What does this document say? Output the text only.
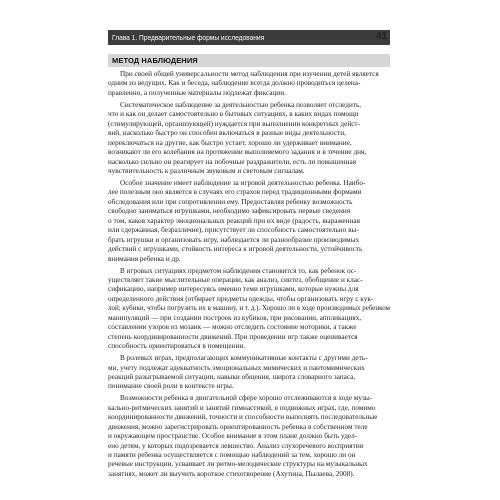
Глава 1. Предварительные формы исследования	41
МЕТОД НАБЛЮДЕНИЯ
При своей общей универсальности метод наблюдения при изучении детей является
одним из ведущих. Как и беседа, наблюдение всегда должно проводиться целена-
правленно, а полученные материалы подлежат фиксации.
Систематическое наблюдение за деятельностью ребенка позволяет отследить,
что и как он делает самостоятельно в бытовых ситуациях, в каких видах помощи
(стимулирующей, организующей) нуждается при выполнении конкретных дейст-
вий, насколько быстро он способен включаться в разные виды деятельности,
переключаться на другие, как быстро устает, хорошо ли удерживает внимание,
возникают ли его колебания на протяжении выполняемого задания и в течение дня,
насколько сильно он реагирует на побочные раздражители, есть ли повышенная
чувствительность к различным звуковым и световым сигналам.
Особое значение имеет наблюдение за игровой деятельностью ребенка. Наибо-
лее полезным оно является в случаях его страхов перед традиционными формами
обследования или при сопротивлении ему. Предоставляя ребенку возможность
свободно заниматься игрушками, необходимо зафиксировать первые сведения
о том, каков характер эмоциональных реакций при их виде (радость, выраженная
или сдержанная, безразличие), присутствует ли способность самостоятельно вы-
брать игрушки и организовать игру, наблюдается ли разнообразие производимых
действий с игрушками, стойкость интереса к игровой деятельности, устойчивость
внимания ребенка и др.
В игровых ситуациях предметом наблюдения становится то, как ребенок ос-
уществляет такие мыслительные операции, как анализ, синтез, обобщение и клас-
сификацию, например интересуясь именно теми игрушками, которые нужны для
определенного действия (отбирает предметы одежды, чтобы организовать игру с кук-
лой; кубики, чтобы погрузить их в машину, и т. д.). Хорошо ли в ходе производимых ребенком
манипуляций — при создании построек из кубиков, при рисовании, аппликациях,
составлении узоров из мозаик — можно отследить состояние моторики, а также
степень координированности движений. При проведении игр также оценивается
способность ориентироваться в помещении.
В ролевых играх, предполагающих коммуникативные контакты с другими деть-
ми, учету подлежат адекватность эмоциональных мимических и пантомимических
реакций разыгрываемой ситуации, навыки общения, широта словарного запаса,
понимание своей роли в контексте игры.
Возможности ребенка в двигательной сфере хорошо отслеживаются в ходе музы-
кально-ритмических занятий и занятий гимнастикой, в подвижных играх, где, помимо
координированности движений, точности и способности выполнять последовательные
движения, можно зарегистрировать ориентированность ребенка в собственном теле
и окружающем пространстве. Особое внимание в этом плане должно быть удел-
ено детям, у которых подозревается левшество. Анализ слухоречевого восприятия
и памяти ребенка осуществляется с помощью наблюдений за тем, хорошо ли он
речевые инструкции, усваивает ли ритмо-мелодические структуры на музыкальных
занятиях, может ли выучить короткое стихотворение (Ахутина, Пылаева, 2008).
